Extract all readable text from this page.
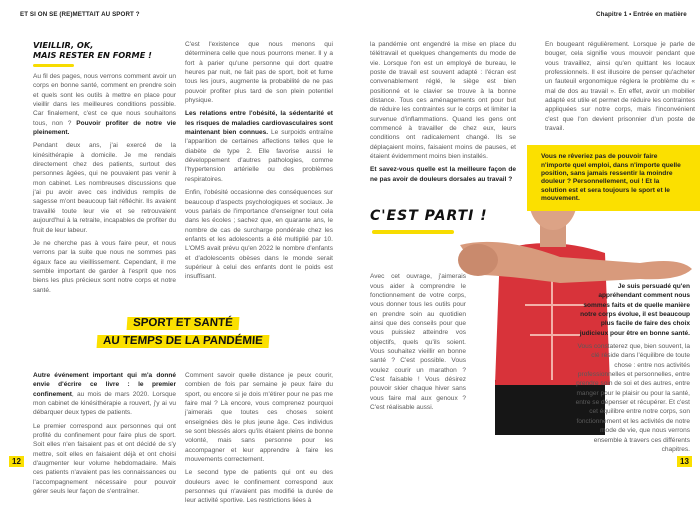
ET SI ON SE (RE)METTAIT AU SPORT ?
VIEILLIR, OK,
MAIS RESTER EN FORME !

Au fil des pages, nous verrons comment avoir un corps en bonne santé, comment en prendre soin et quels sont les outils à mettre en place pour vieillir dans les meilleures conditions possible. Car finalement, c'est ce que nous souhaitons tous, non ? Pouvoir profiter de notre vie pleinement.

Pendant deux ans, j'ai exercé de la kinésithérapie à domicile. Je me rendais directement chez des patients, surtout des personnes âgées, qui ne pouvaient pas venir à mon cabinet. Les nombreuses discussions que j'ai pu avoir avec ces individus remplis de sagesse m'ont beaucoup fait réfléchir. Ils avaient travaillé toute leur vie et se retrouvaient aujourd'hui à la retraite, incapables de profiter du fruit de leur labeur.

Je ne cherche pas à vous faire peur, et nous verrons par la suite que nous ne sommes pas égaux face au vieillissement. Cependant, il me semble important de garder à l'esprit que nos biens les plus précieux sont notre corps et notre santé.

C'est l'existence que nous menons qui déterminera celle que nous pourrons mener. Il y a fort à parier qu'une personne qui dort quatre heures par nuit, ne fait pas de sport, boit et fume tous les jours, augmente la probabilité de ne pas pouvoir profiter plus tard de son plein potentiel physique.

Les relations entre l'obésité, la sédentarité et les risques de maladies cardiovasculaires sont maintenant bien connues. Le surpoids entraîne l'apparition de certaines affections telles que le diabète de type 2. Elle favorise aussi le développement d'autres pathologies, comme l'hypertension artérielle ou des problèmes respiratoires.

Enfin, l'obésité occasionne des conséquences sur beaucoup d'aspects psychologiques et sociaux. Je vous parlais de l'importance d'enseigner tout cela dans les écoles ; sachez que, en quarante ans, le nombre de cas de surcharge pondérale chez les enfants et les adolescents a été multiplié par 10. L'OMS avait prévu qu'en 2022 le nombre d'enfants et d'adolescents obèses dans le monde serait supérieur à celui des enfants dont le poids est insuffisant.

SPORT ET SANTÉ
AU TEMPS DE LA PANDÉMIE

Autre événement important qui m'a donné envie d'écrire ce livre : le premier confinement, au mois de mars 2020. Lorsque mon cabinet de kinésithérapie a rouvert, j'y ai vu débarquer deux types de patients.

Le premier correspond aux personnes qui ont profité du confinement pour faire plus de sport. Soit elles n'en faisaient pas et ont décidé de s'y mettre, soit elles en faisaient déjà et ont choisi d'augmenter leur volume hebdomadaire. Mais ces patients n'avaient pas les connaissances ou l'accompagnement nécessaire pour pouvoir gérer seuls leur façon de s'entraîner.

Comment savoir quelle distance je peux courir, combien de fois par semaine je peux faire du sport, ou encore si je dois m'étirer pour ne pas me faire mal ? Là encore, vous comprenez pourquoi j'aimerais que toutes ces choses soient enseignées dès le plus jeune âge. Ces individus se sont blessés alors qu'ils étaient pleins de bonne volonté, mais sans personne pour les accompagner et leur apprendre à faire les mouvements correctement.

Le second type de patients qui ont eu des douleurs avec le confinement correspond aux personnes qui n'avaient pas modifié la durée de leur activité sportive. Les restrictions liées à

12
Chapitre 1 • Entrée en matière

la pandémie ont engendré la mise en place du télétravail et quelques changements du mode de vie. Lorsque l'on est un employé de bureau, le poste de travail est souvent adapté : l'écran est convenablement réglé, le siège est bien positionné et le clavier se trouve à la bonne distance. Tous ces aménagements ont pour but de réduire les contraintes sur le corps et limiter la survenue d'inflammations. Quand les gens ont commencé à travailler de chez eux, leurs conditions ont radicalement changé. Ils se déplaçaient moins, faisaient moins de pauses, et étaient évidemment moins bien installés.

Et savez-vous quelle est la meilleure façon de ne pas avoir de douleurs dorsales au travail ?

C'EST PARTI !
Avec cet ouvrage, j'aimerais vous aider à comprendre le fonctionnement de votre corps, vous donner tous les outils pour en prendre soin au quotidien ainsi que des conseils pour que vous puissiez atteindre vos objectifs, quels qu'ils soient. Vous souhaitez vieillir en bonne santé ? C'est possible. Vous voulez courir un marathon ? C'est faisable ! Vous désirez pouvoir skier chaque hiver sans vous faire mal aux genoux ? C'est réalisable aussi.

En bougeant régulièrement. Lorsque je parle de bouger, cela signifie vous mouvoir pendant que vous travaillez, ainsi qu'en quittant les locaux professionnels. Il est illusoire de penser qu'acheter un fauteuil ergonomique réglera le problème du « mal de dos au travail ». En effet, avoir un mobilier adapté est utile et permet de réduire les contraintes appliquées sur notre corps, mais l'inconvénient c'est que l'on devient prisonnier d'un poste de travail.

Vous ne rêveriez pas de pouvoir faire n'importe quel emploi, dans n'importe quelle position, sans jamais ressentir la moindre douleur ? Personnellement, oui ! Et la solution est et sera toujours le sport et le mouvement.
Je suis persuadé qu'en appréhendant comment nous sommes faits et de quelle manière notre corps évolue, il est beaucoup plus facile de faire des choix judicieux pour être en bonne santé.
Vous constaterez que, bien souvent, la clé réside dans l'équilibre de toute chose : entre nos activités professionnelles et personnelles, entre prendre soin de soi et des autres, entre manger pour le plaisir ou pour la santé, entre se dépenser et récupérer. Et c'est cet équilibre entre notre corps, son fonctionnement et les activités de notre mode de vie, que nous verrons ensemble à travers ces différents chapitres.
13
